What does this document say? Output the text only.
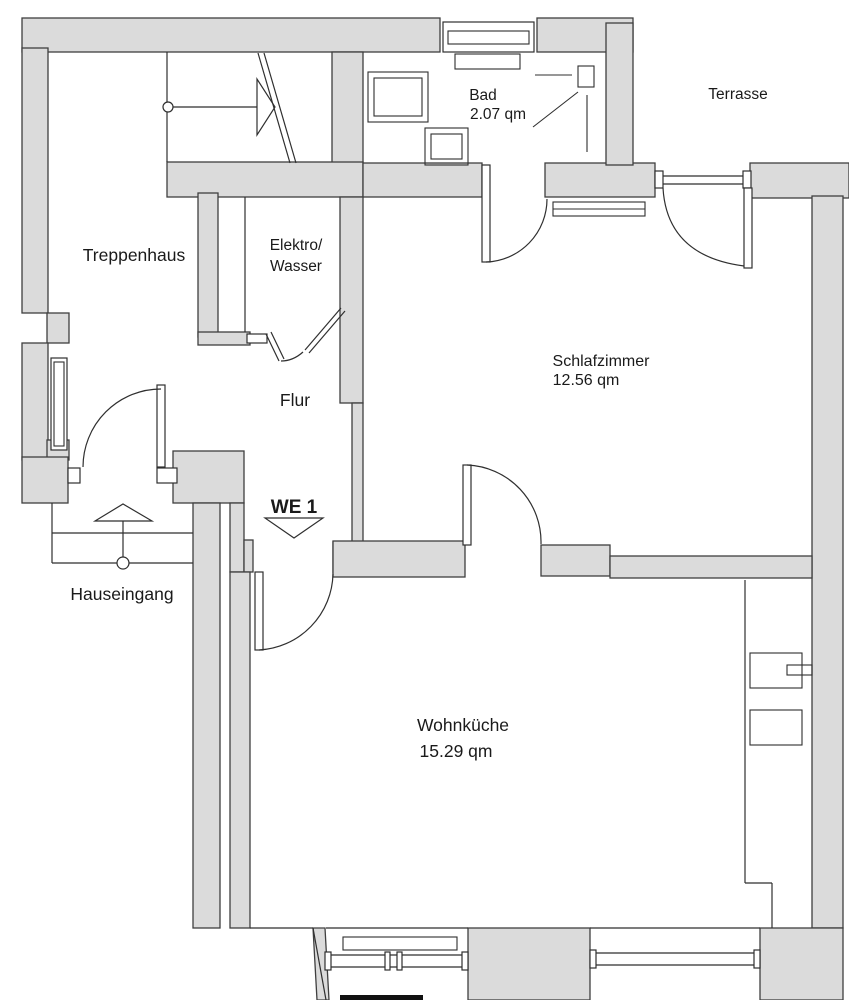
Treppenhaus	Elektro/
Wasser
Bad
2.07 qm
Terrasse
Schlafzimmer
12.56 qm
Flur
WE 1
Hauseingang
Wohnküche
15.29 qm
